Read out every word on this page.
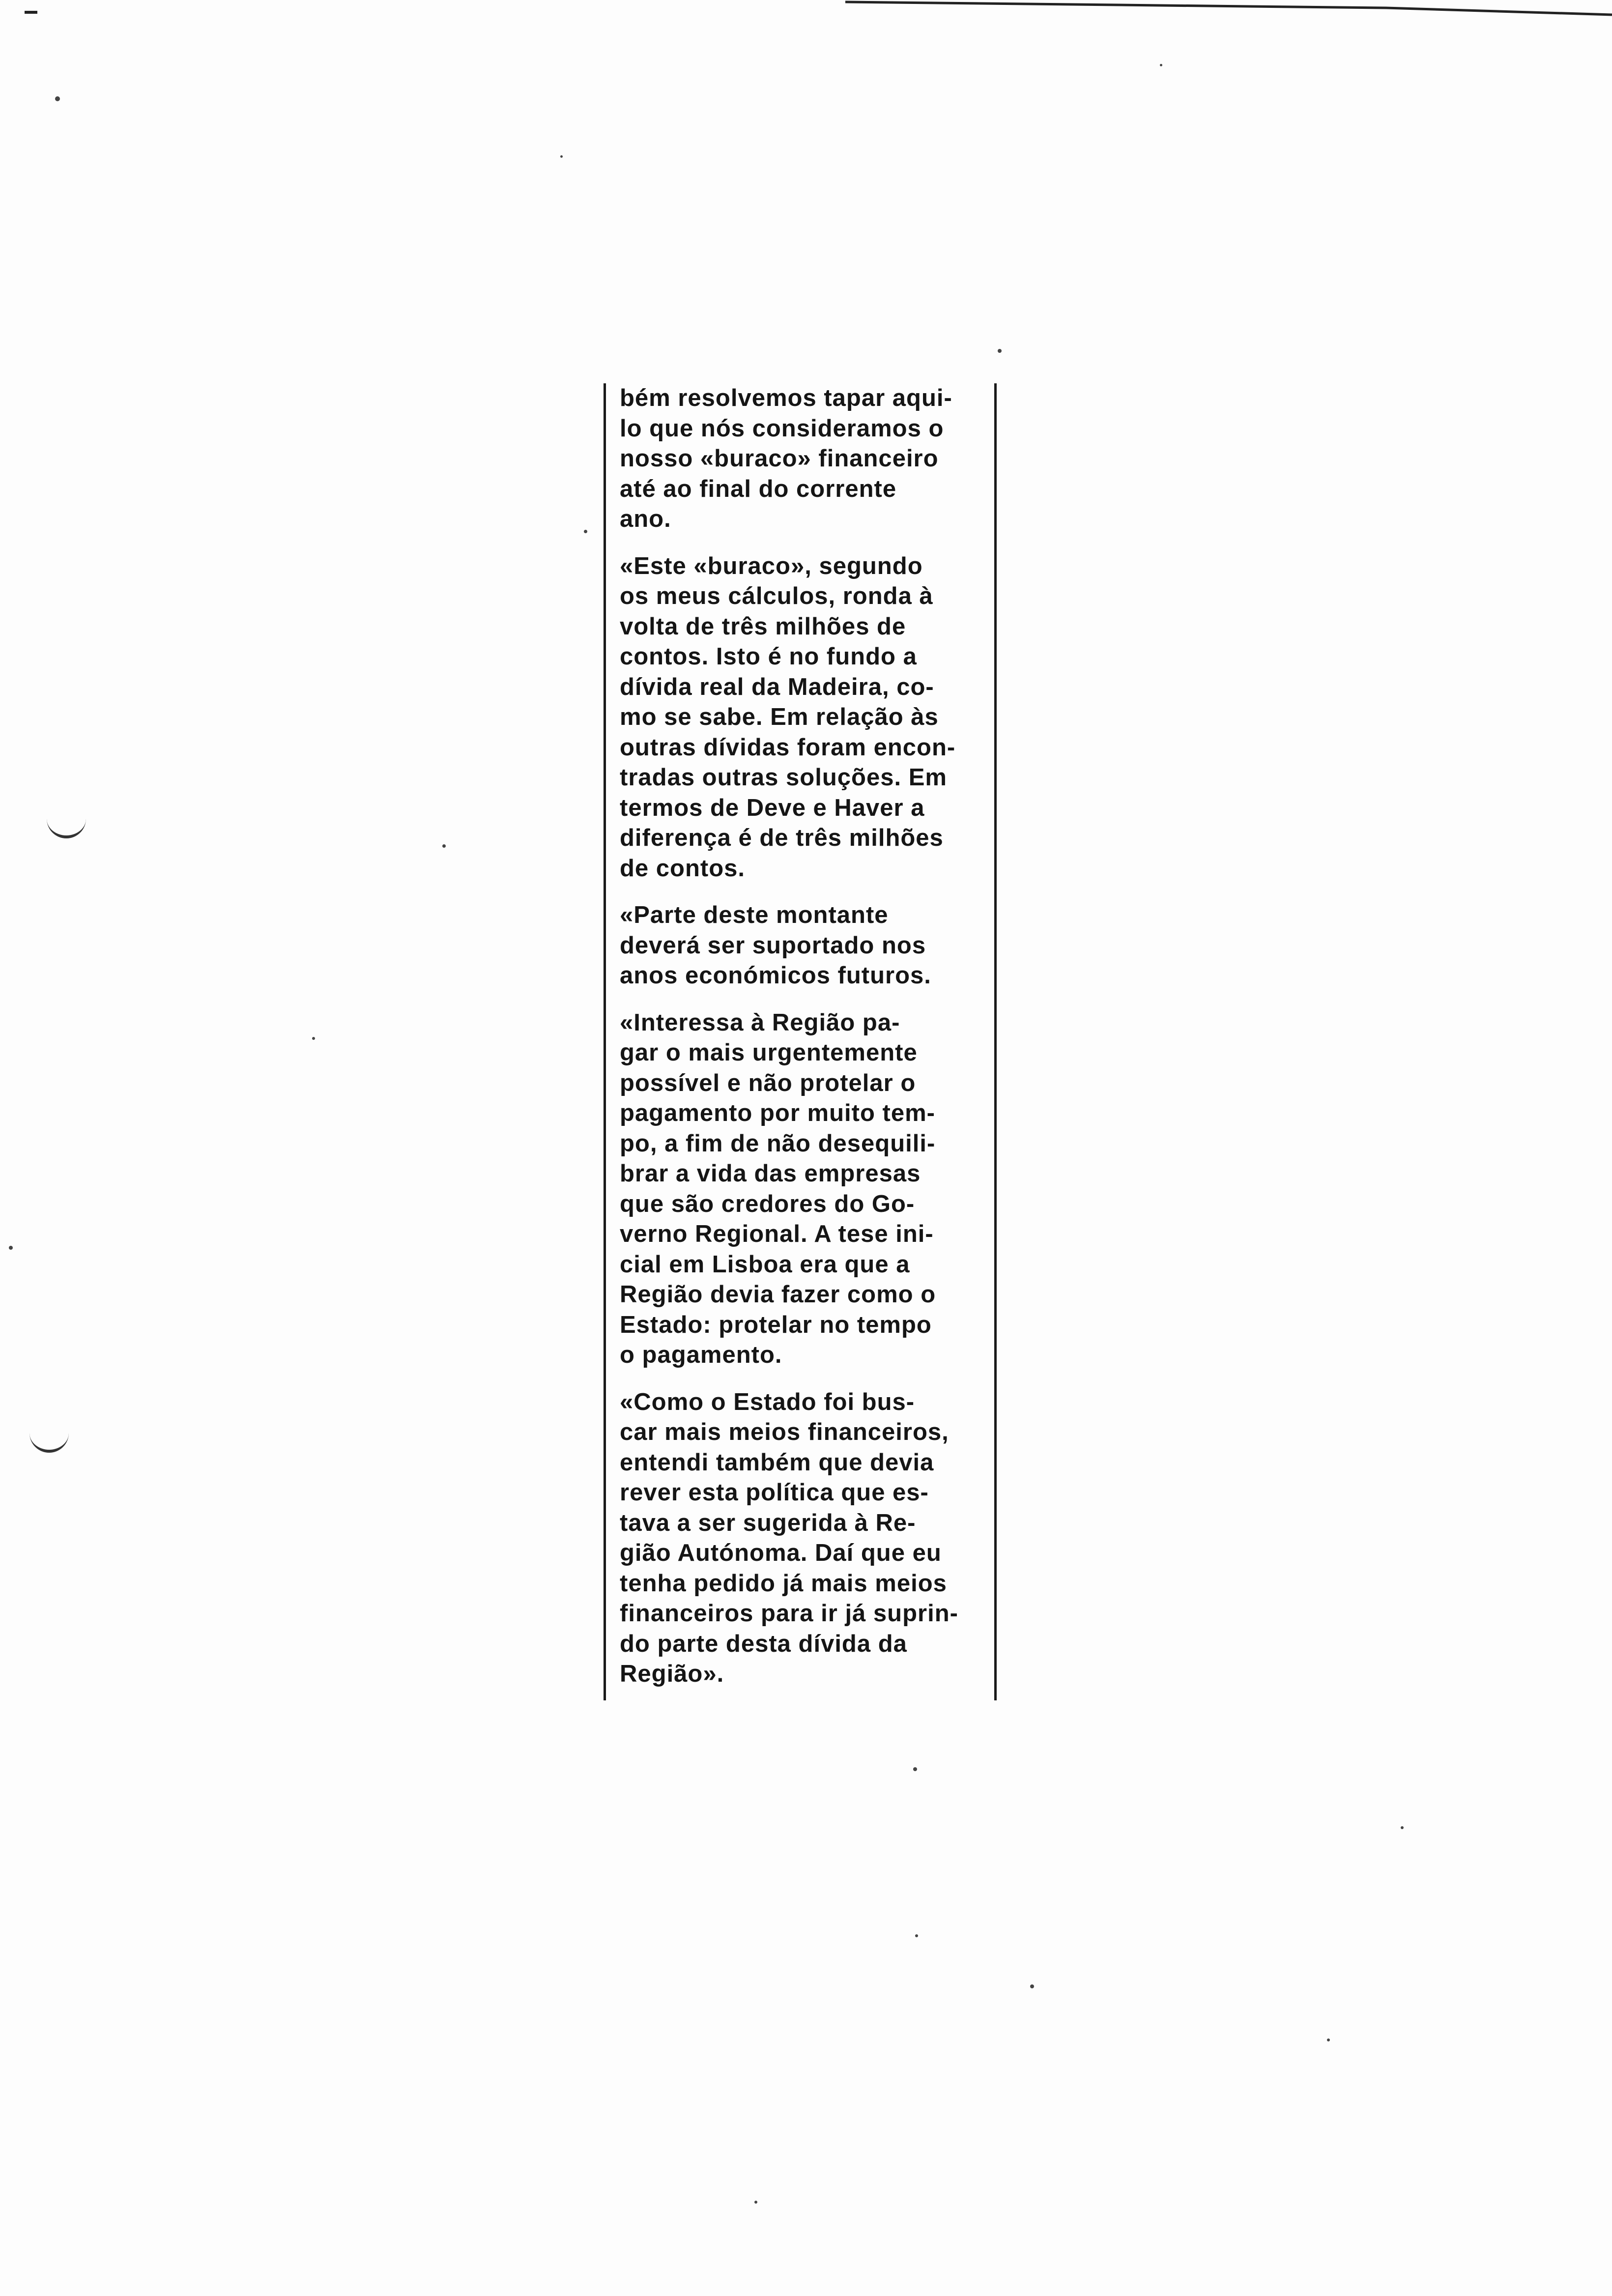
bém resolvemos tapar aqui-
lo que nós consideramos o
nosso «buraco» financeiro
até ao final do corrente
ano.
«Este «buraco», segundo
os meus cálculos, ronda à
volta de três milhões de
contos. Isto é no fundo a
dívida real da Madeira, co-
mo se sabe. Em relação às
outras dívidas foram encon-
tradas outras soluções. Em
termos de Deve e Haver a
diferença é de três milhões
de contos.
«Parte deste montante
deverá ser suportado nos
anos económicos futuros.
«Interessa à Região pa-
gar o mais urgentemente
possível e não protelar o
pagamento por muito tem-
po, a fim de não desequili-
brar a vida das empresas
que são credores do Go-
verno Regional. A tese ini-
cial em Lisboa era que a
Região devia fazer como o
Estado: protelar no tempo
o pagamento.
«Como o Estado foi bus-
car mais meios financeiros,
entendi também que devia
rever esta política que es-
tava a ser sugerida à Re-
gião Autónoma. Daí que eu
tenha pedido já mais meios
financeiros para ir já suprin-
do parte desta dívida da
Região».
